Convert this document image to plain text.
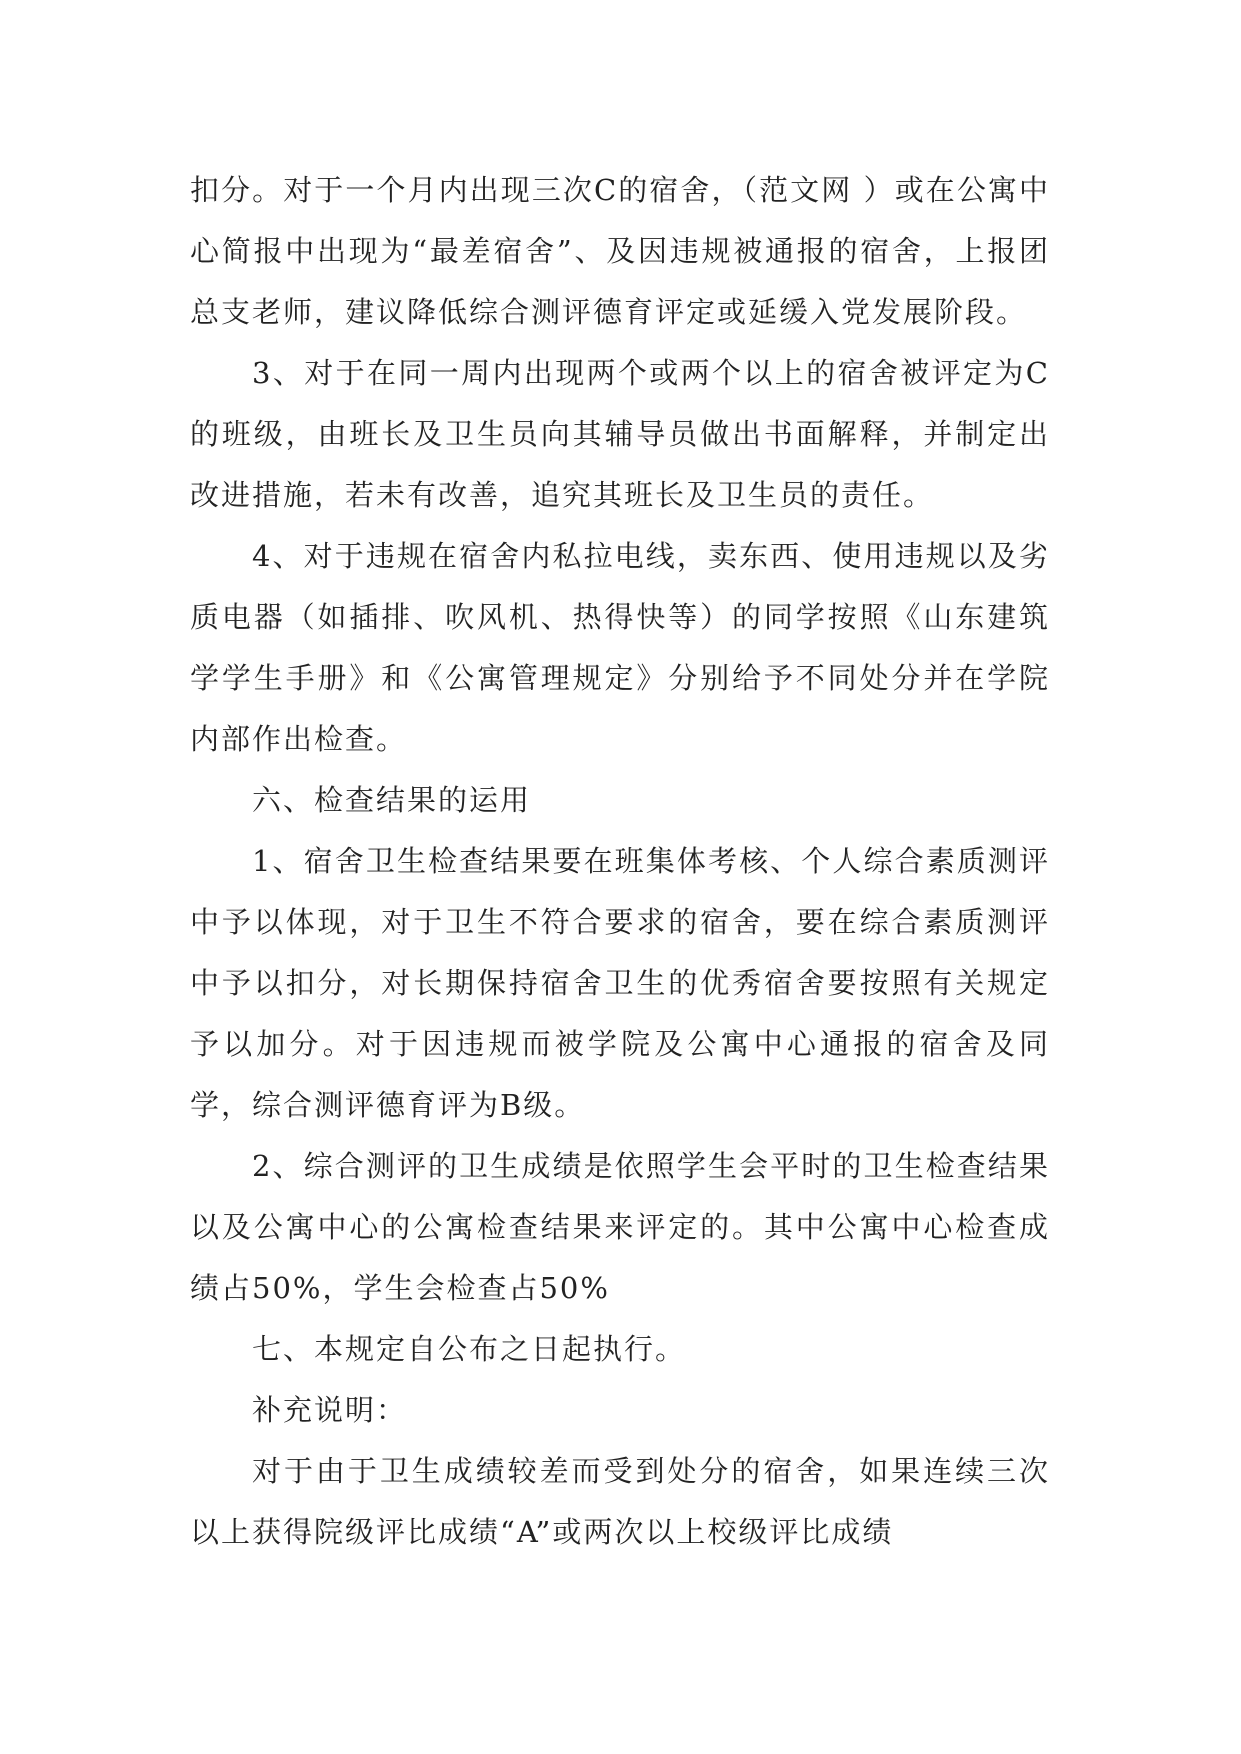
扣分。对于一个月内出现三次C的宿舍，（范文网 ）或在公寓中心简报中出现为“最差宿舍”、及因违规被通报的宿舍，上报团总支老师，建议降低综合测评德育评定或延缓入党发展阶段。

3、对于在同一周内出现两个或两个以上的宿舍被评定为C的班级，由班长及卫生员向其辅导员做出书面解释，并制定出改进措施，若未有改善，追究其班长及卫生员的责任。

4、对于违规在宿舍内私拉电线，卖东西、使用违规以及劣质电器（如插排、吹风机、热得快等）的同学按照《山东建筑学学生手册》和《公寓管理规定》分别给予不同处分并在学院内部作出检查。

六、检查结果的运用

1、宿舍卫生检查结果要在班集体考核、个人综合素质测评中予以体现，对于卫生不符合要求的宿舍，要在综合素质测评中予以扣分，对长期保持宿舍卫生的优秀宿舍要按照有关规定予以加分。对于因违规而被学院及公寓中心通报的宿舍及同学，综合测评德育评为B级。

2、综合测评的卫生成绩是依照学生会平时的卫生检查结果以及公寓中心的公寓检查结果来评定的。其中公寓中心检查成绩占50%，学生会检查占50%

七、本规定自公布之日起执行。

补充说明：

对于由于卫生成绩较差而受到处分的宿舍，如果连续三次以上获得院级评比成绩“A”或两次以上校级评比成绩
